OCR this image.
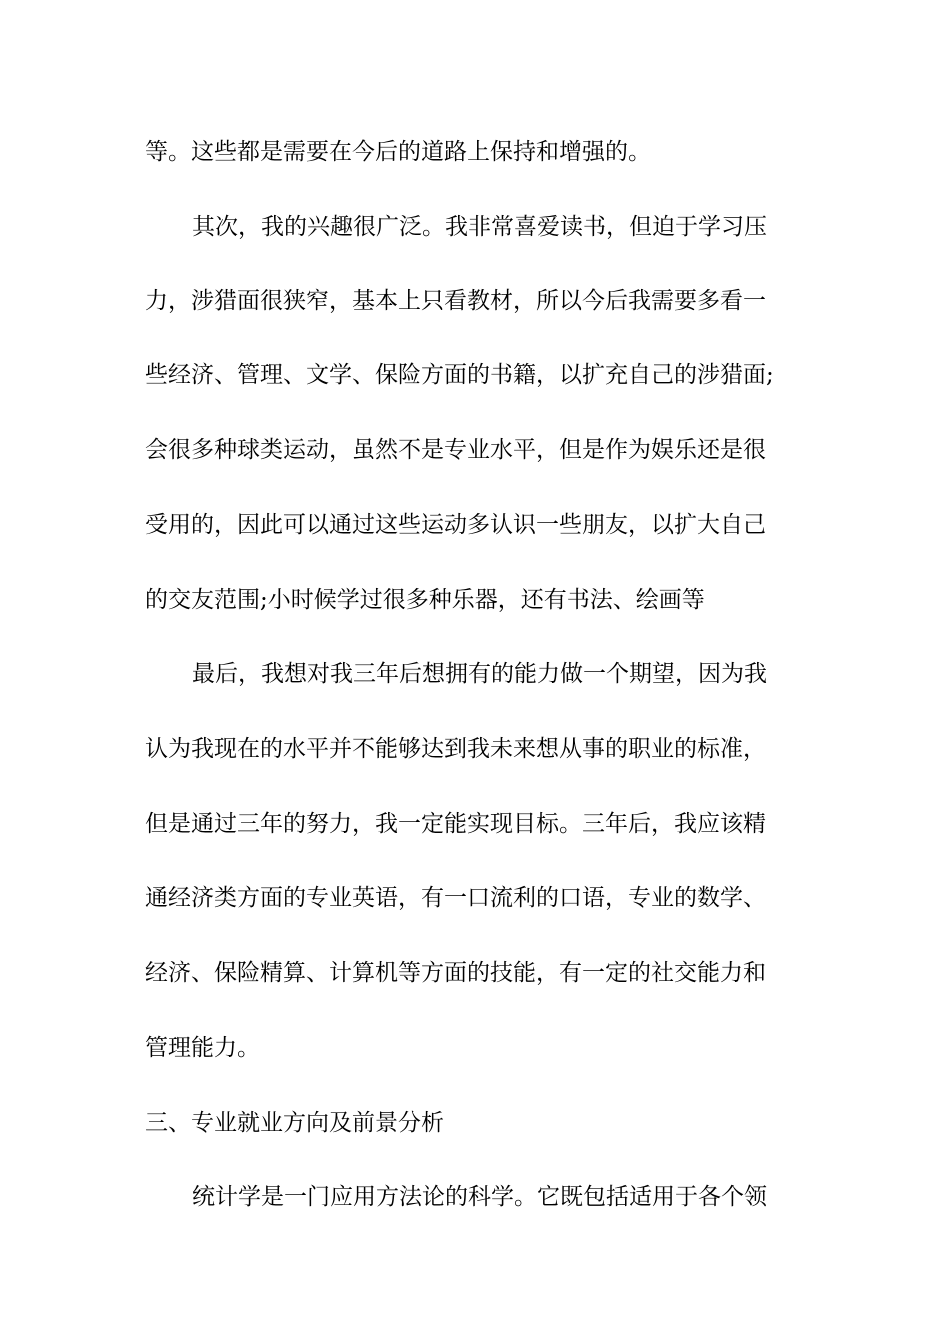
等。这些都是需要在今后的道路上保持和增强的。
其次，我的兴趣很广泛。我非常喜爱读书，但迫于学习压
力，涉猎面很狭窄，基本上只看教材，所以今后我需要多看一
些经济、管理、文学、保险方面的书籍，以扩充自己的涉猎面;
会很多种球类运动，虽然不是专业水平，但是作为娱乐还是很
受用的，因此可以通过这些运动多认识一些朋友，以扩大自己
的交友范围;小时候学过很多种乐器，还有书法、绘画等
最后，我想对我三年后想拥有的能力做一个期望，因为我
认为我现在的水平并不能够达到我未来想从事的职业的标准，
但是通过三年的努力，我一定能实现目标。三年后，我应该精
通经济类方面的专业英语，有一口流利的口语，专业的数学、
经济、保险精算、计算机等方面的技能，有一定的社交能力和
管理能力。
三、专业就业方向及前景分析
统计学是一门应用方法论的科学。它既包括适用于各个领
